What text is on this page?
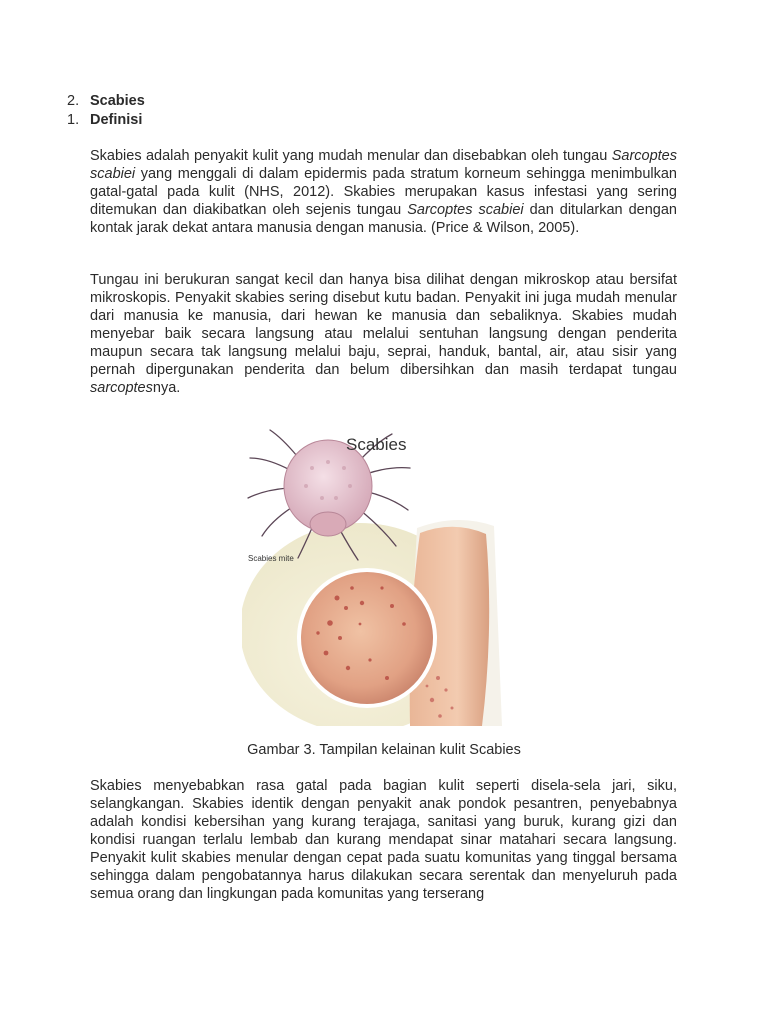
2. Scabies
1. Definisi

Skabies adalah penyakit kulit yang mudah menular dan disebabkan oleh tungau Sarcoptes scabiei yang menggali di dalam epidermis pada stratum korneum sehingga menimbulkan gatal-gatal pada kulit (NHS, 2012). Skabies merupakan kasus infestasi yang sering ditemukan dan diakibatkan oleh sejenis tungau Sarcoptes scabiei dan ditularkan dengan kontak jarak dekat antara manusia dengan manusia. (Price & Wilson, 2005).

Tungau ini berukuran sangat kecil dan hanya bisa dilihat dengan mikroskop atau bersifat mikroskopis. Penyakit skabies sering disebut kutu badan. Penyakit ini juga mudah menular dari manusia ke manusia, dari hewan ke manusia dan sebaliknya. Skabies mudah menyebar baik secara langsung atau melalui sentuhan langsung dengan penderita maupun secara tak langsung melalui baju, seprai, handuk, bantal, air, atau sisir yang pernah dipergunakan penderita dan belum dibersihkan dan masih terdapat tungau sarcoptesnya.

Scabies
Scabies mite
Gambar 3. Tampilan kelainan kulit Scabies

Skabies menyebabkan rasa gatal pada bagian kulit seperti disela-sela jari, siku, selangkangan. Skabies identik dengan penyakit anak pondok pesantren, penyebabnya adalah kondisi kebersihan yang kurang terajaga, sanitasi yang buruk, kurang gizi dan kondisi ruangan terlalu lembab dan kurang mendapat sinar matahari secara langsung. Penyakit kulit skabies menular dengan cepat pada suatu komunitas yang tinggal bersama sehingga dalam pengobatannya harus dilakukan secara serentak dan menyeluruh pada semua orang dan lingkungan pada komunitas yang terserang
